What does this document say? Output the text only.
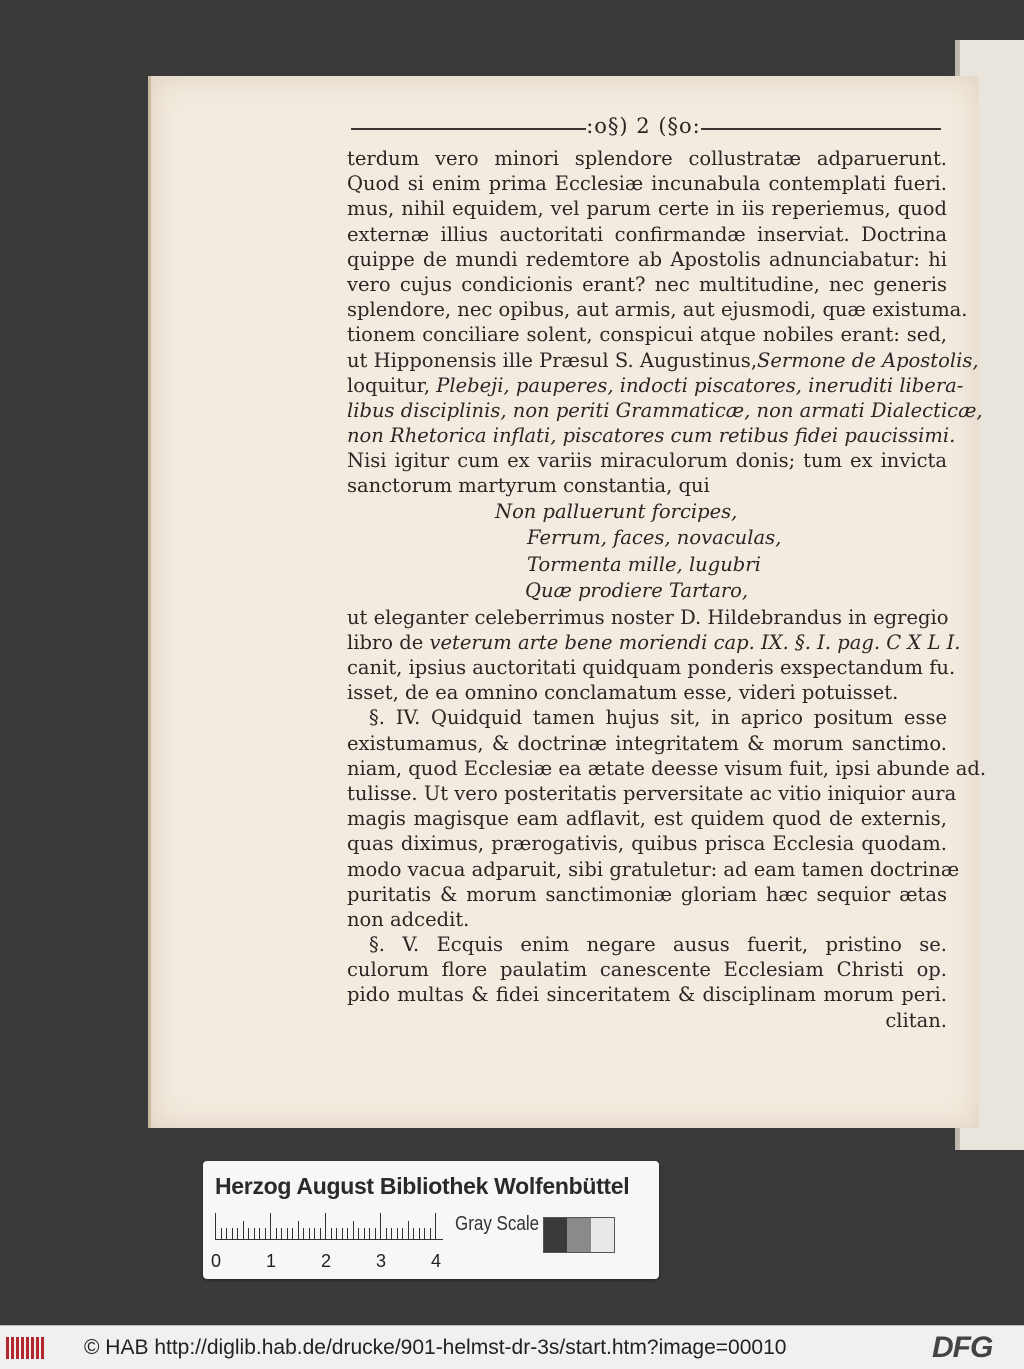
:o§) 2 (§o:
terdum vero minori splendore collustratæ adparuerunt.
Quod si enim prima Ecclesiæ incunabula contemplati fueri.
mus, nihil equidem, vel parum certe in iis reperiemus, quod
externæ illius auctoritati confirmandæ inserviat. Doctrina
quippe de mundi redemtore ab Apostolis adnunciabatur: hi
vero cujus condicionis erant? nec multitudine, nec generis
splendore, nec opibus, aut armis, aut ejusmodi, quæ existuma.
tionem conciliare solent, conspicui atque nobiles erant: sed,
ut Hipponensis ille Præsul S. Augustinus,Sermone de Apostolis,
loquitur, Plebeji, pauperes, indocti piscatores, ineruditi libera-
libus disciplinis, non periti Grammaticæ, non armati Dialecticæ,
non Rhetorica inflati, piscatores cum retibus fidei paucissimi.
Nisi igitur cum ex variis miraculorum donis; tum ex invicta
sanctorum martyrum constantia, qui
Non palluerunt forcipes,
Ferrum, faces, novaculas,
Tormenta mille, lugubri
Quæ prodiere Tartaro,
ut eleganter celeberrimus noster D. Hildebrandus in egregio
libro de veterum arte bene moriendi cap. IX. §. I. pag. C X L I.
canit, ipsius auctoritati quidquam ponderis exspectandum fu.
isset, de ea omnino conclamatum esse, videri potuisset.
§. IV. Quidquid tamen hujus sit, in aprico positum esse
existumamus, & doctrinæ integritatem & morum sanctimo.
niam, quod Ecclesiæ ea ætate deesse visum fuit, ipsi abunde ad.
tulisse. Ut vero posteritatis perversitate ac vitio iniquior aura
magis magisque eam adflavit, est quidem quod de externis,
quas diximus, prærogativis, quibus prisca Ecclesia quodam.
modo vacua adparuit, sibi gratuletur: ad eam tamen doctrinæ
puritatis & morum sanctimoniæ gloriam hæc sequior ætas
non adcedit.
§. V. Ecquis enim negare ausus fuerit, pristino se.
culorum flore paulatim canescente Ecclesiam Christi op.
pido multas & fidei sinceritatem & disciplinam morum peri.
clitan.
Herzog August Bibliothek Wolfenbüttel
0 1 2 3 4
Gray Scale
© HAB http://diglib.hab.de/drucke/901-helmst-dr-3s/start.htm?image=00010	DFG
